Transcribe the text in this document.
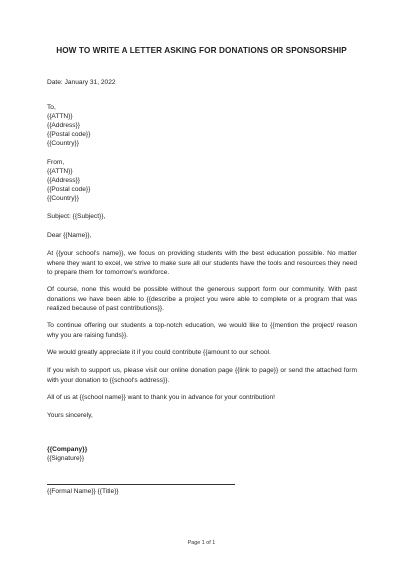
HOW TO WRITE A LETTER ASKING FOR DONATIONS OR SPONSORSHIP
Date: January 31, 2022
To,
{{ATTN}}
{{Address}}
{{Postal code}}
{{Country}}
From,
{{ATTN}}
{{Address}}
{{Postal code}}
{{Country}}
Subject: {{Subject}},
Dear {{Name}},
At {{your school's name}}, we focus on providing students with the best education possible. No matter where they want to excel, we strive to make sure all our students have the tools and resources they need to prepare them for tomorrow's workforce.
Of course, none this would be possible without the generous support form our community. With past donations we have been able to {{describe a project you were able to complete or a program that was realized because of past contributions}}.
To continue offering our students a top-notch education, we would like to {{mention the project/ reason why you are raising funds}}.
We would greatly appreciate it if you could contribute {{amount to our school.
If you wish to support us, please visit our online donation page {{link to page}} or send the attached form with your donation to {{school's address}}.
All of us at {{school name}} want to thank you in advance for your contribution!
Yours sincerely,
{{Company}}
{{Signature}}
{{Formal Name}} {{Title}}
Page 1 of 1
